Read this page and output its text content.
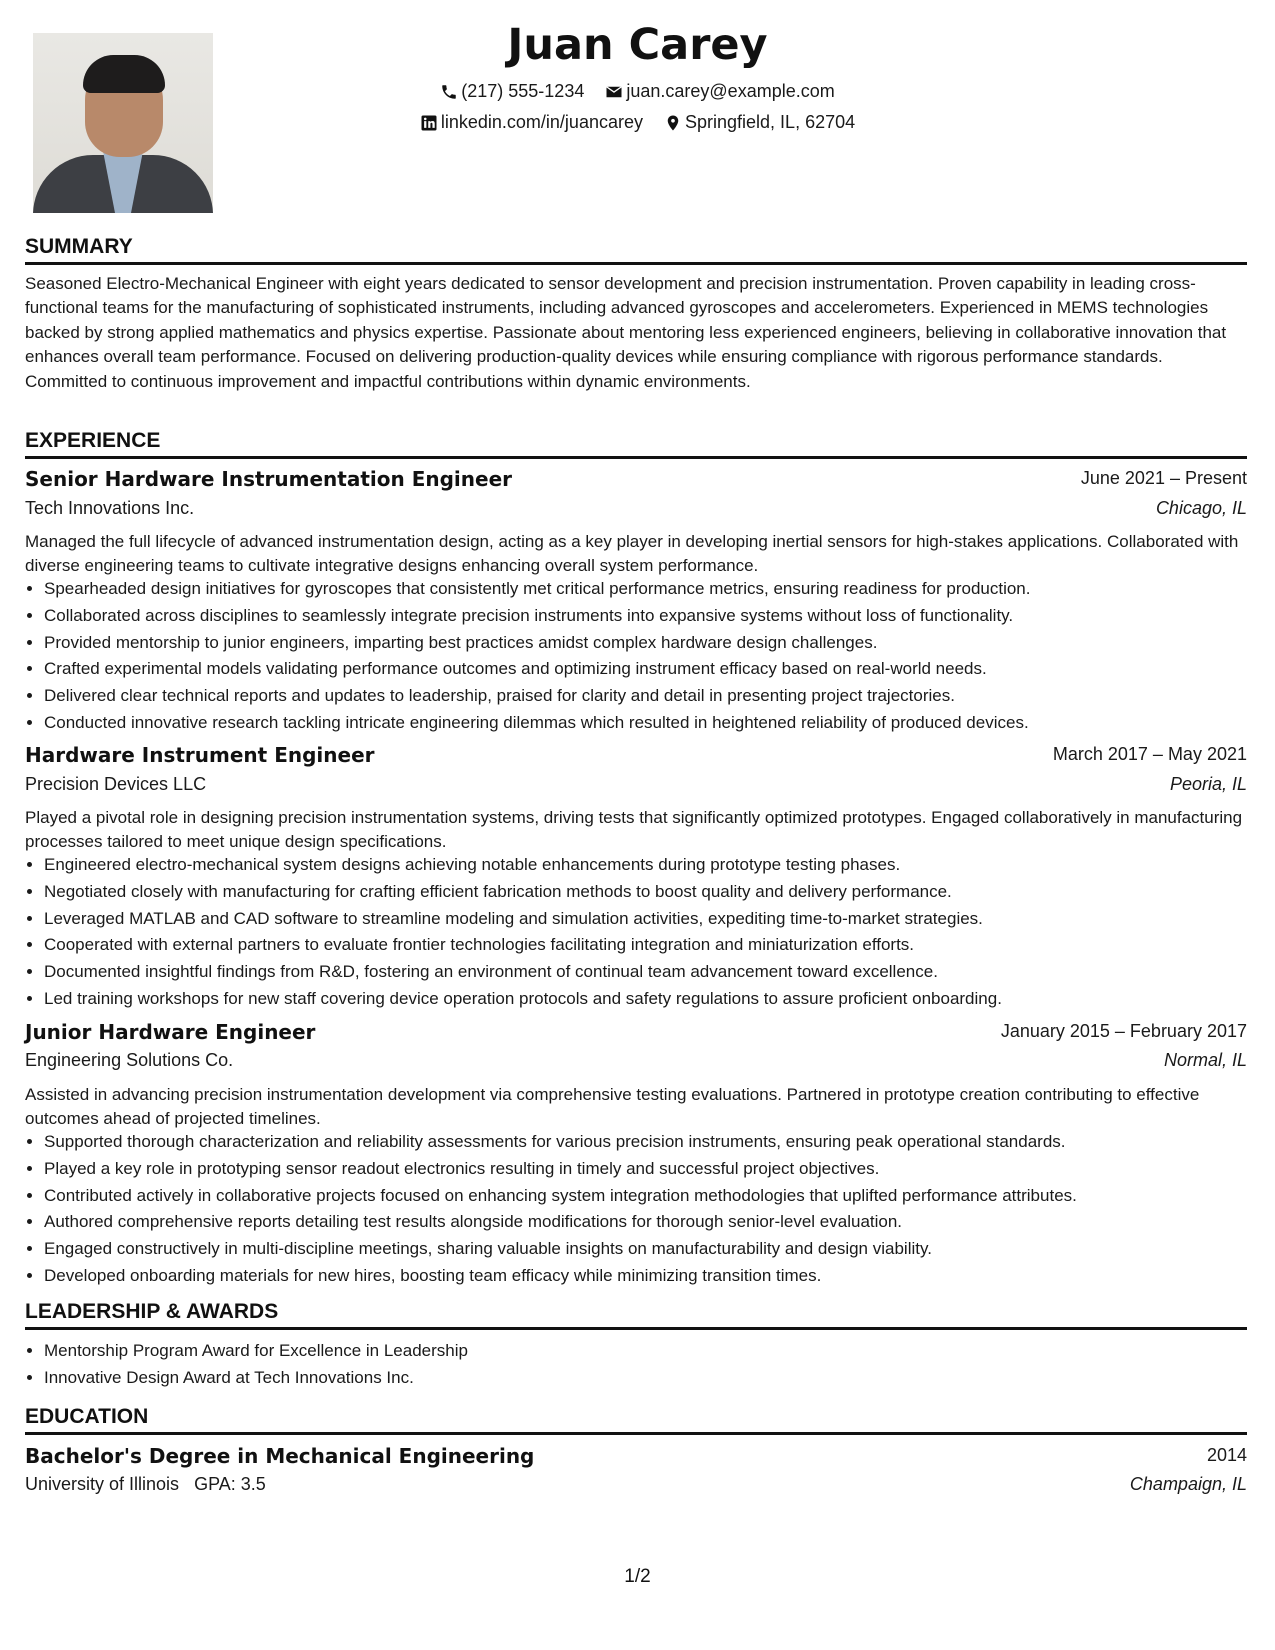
Juan Carey
(217) 555-1234
juan.carey@example.com
linkedin.com/in/juancarey
Springfield, IL, 62704
SUMMARY

Seasoned Electro-Mechanical Engineer with eight years dedicated to sensor development and precision instrumentation. Proven capability in leading cross-functional teams for the manufacturing of sophisticated instruments, including advanced gyroscopes and accelerometers. Experienced in MEMS technologies backed by strong applied mathematics and physics expertise. Passionate about mentoring less experienced engineers, believing in collaborative innovation that enhances overall team performance. Focused on delivering production-quality devices while ensuring compliance with rigorous performance standards. Committed to continuous improvement and impactful contributions within dynamic environments.

EXPERIENCE
Senior Hardware Instrumentation Engineer	June 2021 – Present
Tech Innovations Inc.	Chicago, IL

Managed the full lifecycle of advanced instrumentation design, acting as a key player in developing inertial sensors for high-stakes applications. Collaborated with diverse engineering teams to cultivate integrative designs enhancing overall system performance.

• Spearheaded design initiatives for gyroscopes that consistently met critical performance metrics, ensuring readiness for production.
• Collaborated across disciplines to seamlessly integrate precision instruments into expansive systems without loss of functionality.
• Provided mentorship to junior engineers, imparting best practices amidst complex hardware design challenges.
• Crafted experimental models validating performance outcomes and optimizing instrument efficacy based on real-world needs.
• Delivered clear technical reports and updates to leadership, praised for clarity and detail in presenting project trajectories.
• Conducted innovative research tackling intricate engineering dilemmas which resulted in heightened reliability of produced devices.
Hardware Instrument Engineer	March 2017 – May 2021
Precision Devices LLC	Peoria, IL

Played a pivotal role in designing precision instrumentation systems, driving tests that significantly optimized prototypes. Engaged collaboratively in manufacturing processes tailored to meet unique design specifications.

• Engineered electro-mechanical system designs achieving notable enhancements during prototype testing phases.
• Negotiated closely with manufacturing for crafting efficient fabrication methods to boost quality and delivery performance.
• Leveraged MATLAB and CAD software to streamline modeling and simulation activities, expediting time-to-market strategies.
• Cooperated with external partners to evaluate frontier technologies facilitating integration and miniaturization efforts.
• Documented insightful findings from R&D, fostering an environment of continual team advancement toward excellence.
• Led training workshops for new staff covering device operation protocols and safety regulations to assure proficient onboarding.
Junior Hardware Engineer	January 2015 – February 2017
Engineering Solutions Co.	Normal, IL

Assisted in advancing precision instrumentation development via comprehensive testing evaluations. Partnered in prototype creation contributing to effective outcomes ahead of projected timelines.

• Supported thorough characterization and reliability assessments for various precision instruments, ensuring peak operational standards.
• Played a key role in prototyping sensor readout electronics resulting in timely and successful project objectives.
• Contributed actively in collaborative projects focused on enhancing system integration methodologies that uplifted performance attributes.
• Authored comprehensive reports detailing test results alongside modifications for thorough senior-level evaluation.
• Engaged constructively in multi-discipline meetings, sharing valuable insights on manufacturability and design viability.
• Developed onboarding materials for new hires, boosting team efficacy while minimizing transition times.
LEADERSHIP & AWARDS
• Mentorship Program Award for Excellence in Leadership
• Innovative Design Award at Tech Innovations Inc.
EDUCATION
Bachelor's Degree in Mechanical Engineering	2014
University of Illinois GPA: 3.5	Champaign, IL
1/2
